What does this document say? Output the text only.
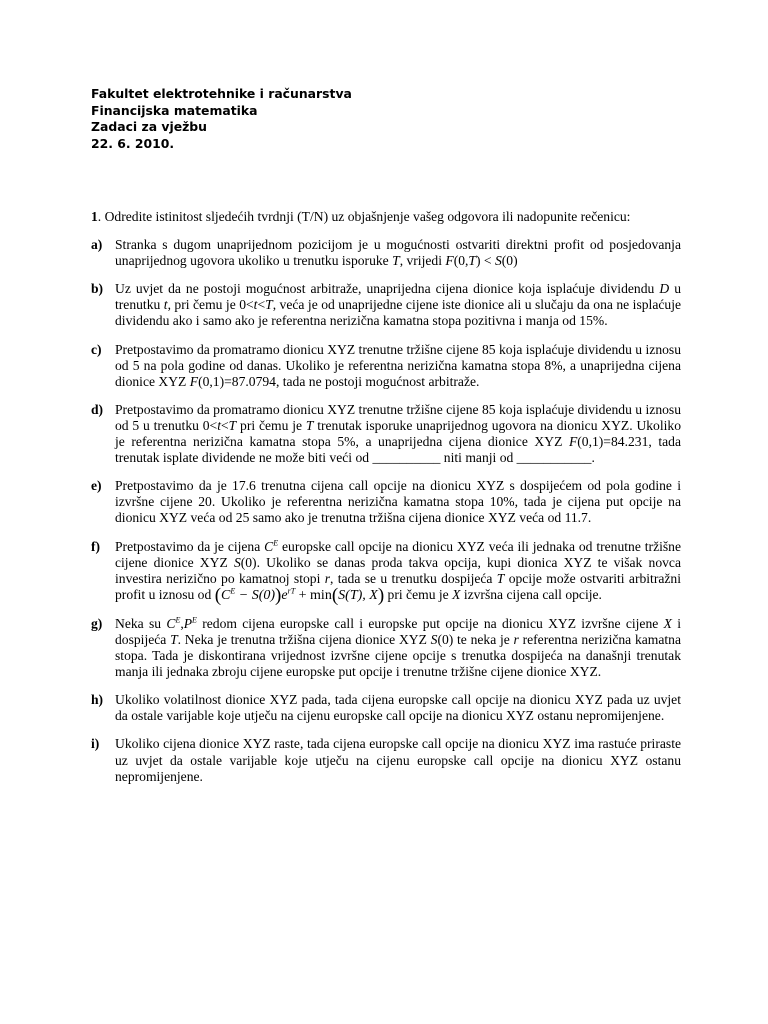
Fakultet elektrotehnike i računarstva
Financijska matematika
Zadaci za vježbu
22. 6. 2010.

1. Odredite istinitost sljedećih tvrdnji (T/N) uz objašnjenje vašeg odgovora ili nadopunite rečenicu:

a) Stranka s dugom unaprijednom pozicijom je u mogućnosti ostvariti direktni profit od posjedovanja unaprijednog ugovora ukoliko u trenutku isporuke T, vrijedi F(0,T) < S(0)
b) Uz uvjet da ne postoji mogućnost arbitraže, unaprijedna cijena dionice koja isplaćuje dividendu D u trenutku t, pri čemu je 0<t<T, veća je od unaprijedne cijene iste dionice ali u slučaju da ona ne isplaćuje dividendu ako i samo ako je referentna nerizična kamatna stopa pozitivna i manja od 15%.
c) Pretpostavimo da promatramo dionicu XYZ trenutne tržišne cijene 85 koja isplaćuje dividendu u iznosu od 5 na pola godine od danas. Ukoliko je referentna nerizična kamatna stopa 8%, a unaprijedna cijena dionice XYZ F(0,1)=87.0794, tada ne postoji mogućnost arbitraže.
d) Pretpostavimo da promatramo dionicu XYZ trenutne tržišne cijene 85 koja isplaćuje dividendu u iznosu od 5 u trenutku 0<t<T pri čemu je T trenutak isporuke unaprijednog ugovora na dionicu XYZ. Ukoliko je referentna nerizična kamatna stopa 5%, a unaprijedna cijena dionice XYZ F(0,1)=84.231, tada trenutak isplate dividende ne može biti veći od __________ niti manji od ___________.
e) Pretpostavimo da je 17.6 trenutna cijena call opcije na dionicu XYZ s dospijećem od pola godine i izvršne cijene 20. Ukoliko je referentna nerizična kamatna stopa 10%, tada je cijena put opcije na dionicu XYZ veća od 25 samo ako je trenutna tržišna cijena dionice XYZ veća od 11.7.
f) Pretpostavimo da je cijena $C^E$ europske call opcije na dionicu XYZ veća ili jednaka od trenutne tržišne cijene dionice XYZ S(0). Ukoliko se danas proda takva opcija, kupi dionica XYZ te višak novca investira nerizično po kamatnoj stopi r, tada se u trenutku dospijeća T opcije može ostvariti arbitražni profit u iznosu od $(C^E - S(0))e^{rT} + \min(S(T)$, X) pri čemu je X izvršna cijena call opcije.
g) Neka su $C^E,P^E$ redom cijena europske call i europske put opcije na dionicu XYZ izvršne cijene X i dospijeća T. Neka je trenutna tržišna cijena dionice XYZ S(0) te neka je r referentna nerizična kamatna stopa. Tada je diskontirana vrijednost izvršne cijene opcije s trenutka dospijeća na današnji trenutak manja ili jednaka zbroju cijene europske put opcije i trenutne tržišne cijene dionice XYZ.
h) Ukoliko volatilnost dionice XYZ pada, tada cijena europske call opcije na dionicu XYZ pada uz uvjet da ostale varijable koje utječu na cijenu europske call opcije na dionicu XYZ ostanu nepromijenjene.
i) Ukoliko cijena dionice XYZ raste, tada cijena europske call opcije na dionicu XYZ ima rastuće priraste uz uvjet da ostale varijable koje utječu na cijenu europske call opcije na dionicu XYZ ostanu nepromijenjene.
